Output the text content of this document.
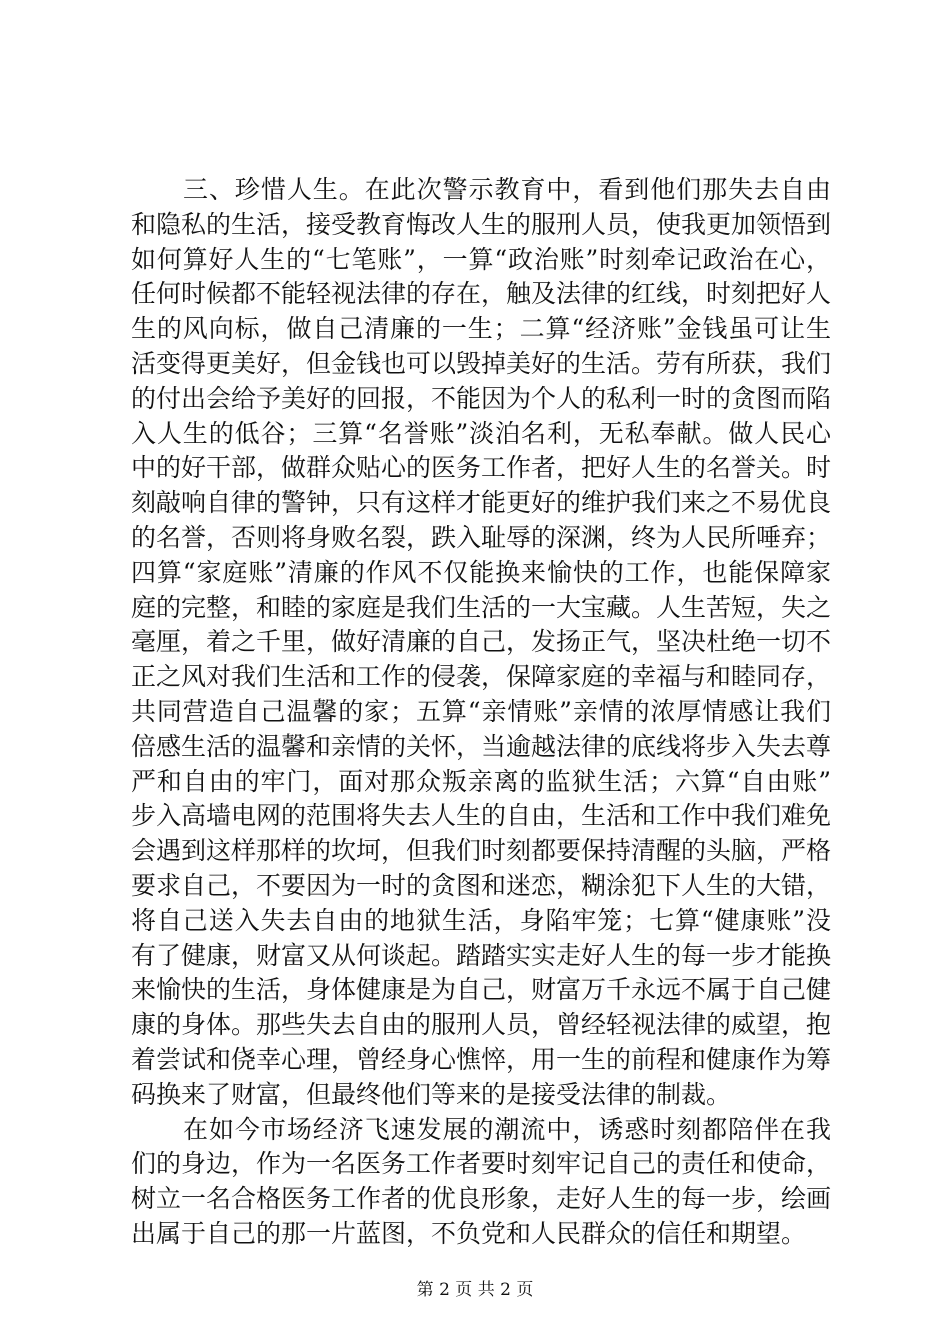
三、珍惜人生。在此次警示教育中，看到他们那失去自由和隐私的生活，接受教育悔改人生的服刑人员，使我更加领悟到如何算好人生的“七笔账”，一算“政治账”时刻牵记政治在心，任何时候都不能轻视法律的存在，触及法律的红线，时刻把好人生的风向标，做自己清廉的一生；二算“经济账”金钱虽可让生活变得更美好，但金钱也可以毁掉美好的生活。劳有所获，我们的付出会给予美好的回报，不能因为个人的私利一时的贪图而陷入人生的低谷；三算“名誉账”淡泊名利，无私奉献。做人民心中的好干部，做群众贴心的医务工作者，把好人生的名誉关。时刻敲响自律的警钟，只有这样才能更好的维护我们来之不易优良的名誉，否则将身败名裂，跌入耻辱的深渊，终为人民所唾弃；四算“家庭账”清廉的作风不仅能换来愉快的工作，也能保障家庭的完整，和睦的家庭是我们生活的一大宝藏。人生苦短，失之毫厘，着之千里，做好清廉的自己，发扬正气，坚决杜绝一切不正之风对我们生活和工作的侵袭，保障家庭的幸福与和睦同存，共同营造自己温馨的家；五算“亲情账”亲情的浓厚情感让我们倍感生活的温馨和亲情的关怀，当逾越法律的底线将步入失去尊严和自由的牢门，面对那众叛亲离的监狱生活；六算“自由账”步入高墙电网的范围将失去人生的自由，生活和工作中我们难免会遇到这样那样的坎坷，但我们时刻都要保持清醒的头脑，严格要求自己，不要因为一时的贪图和迷恋，糊涂犯下人生的大错，将自己送入失去自由的地狱生活，身陷牢笼；七算“健康账”没有了健康，财富又从何谈起。踏踏实实走好人生的每一步才能换来愉快的生活，身体健康是为自己，财富万千永远不属于自己健康的身体。那些失去自由的服刑人员，曾经轻视法律的威望，抱着尝试和侥幸心理，曾经身心憔悴，用一生的前程和健康作为筹码换来了财富，但最终他们等来的是接受法律的制裁。

在如今市场经济飞速发展的潮流中，诱惑时刻都陪伴在我们的身边，作为一名医务工作者要时刻牢记自己的责任和使命，树立一名合格医务工作者的优良形象，走好人生的每一步，绘画出属于自己的那一片蓝图，不负党和人民群众的信任和期望。

第 2 页 共 2 页
